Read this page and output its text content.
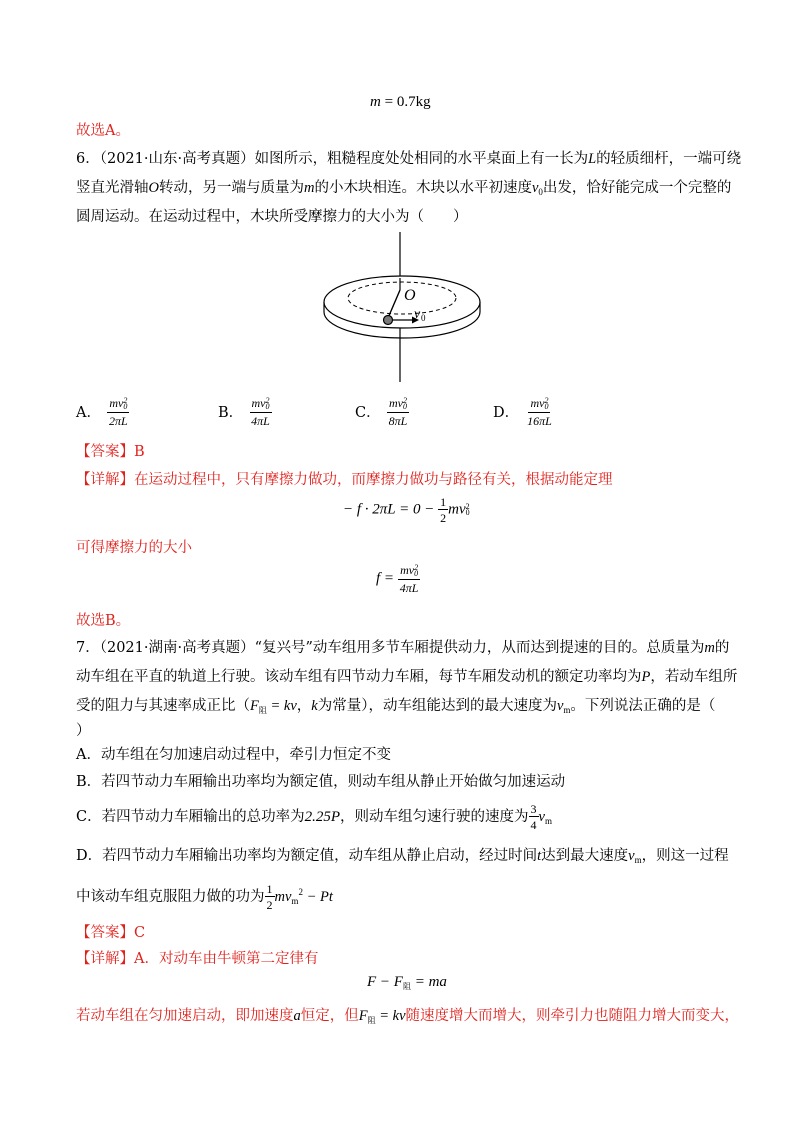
m = 0.7kg
故选A。
6．（2021·山东·高考真题）如图所示，粗糙程度处处相同的水平桌面上有一长为L的轻质细杆，一端可绕
竖直光滑轴O转动，另一端与质量为m的小木块相连。木块以水平初速度$v_0$出发，恰好能完成一个完整的
圆周运动。在运动过程中，木块所受摩擦力的大小为（　　）
O
v 0
A． mv 2
0
2πL	B． mv 2
0
4πL	C． mv 2
0
8πL	D． mv 2
0
16πL
【答案】B
【详解】在运动过程中，只有摩擦力做功，而摩擦力做功与路径有关，根据动能定理
− $f \cdot 2\pi L = 0 - \frac{1}{2}$ mv 2
0
可得摩擦力的大小
f = mv 2
0
4πL
故选B。
7．（2021·湖南·高考真题）“复兴号”动车组用多节车厢提供动力，从而达到提速的目的。总质量为m的
动车组在平直的轨道上行驶。该动车组有四节动力车厢，每节车厢发动机的额定功率均为P，若动车组所
受的阻力与其速率成正比（$F_阻$ = kv，k为常量），动车组能达到的最大速度为$v_m$。下列说法正确的是（
）
A．动车组在匀加速启动过程中，牵引力恒定不变
B．若四节动力车厢输出功率均为额定值，则动车组从静止开始做匀加速运动
C．若四节动力车厢输出的总功率为2.25P，则动车组匀速行驶的速度为 $\frac{3}{4} v_m$
D．若四节动力车厢输出功率均为额定值，动车组从静止启动，经过时间t达到最大速度$v_m$，则这一过程
中该动车组克服阻力做的功为 $\frac{1}{2} mv_m^2 - Pt$
【答案】C
【详解】A．对动车由牛顿第二定律有
$F - F_阻$ = ma
若动车组在匀加速启动，即加速度a恒定，但$F_阻$ = kv随速度增大而增大，则牵引力也随阻力增大而变大，
